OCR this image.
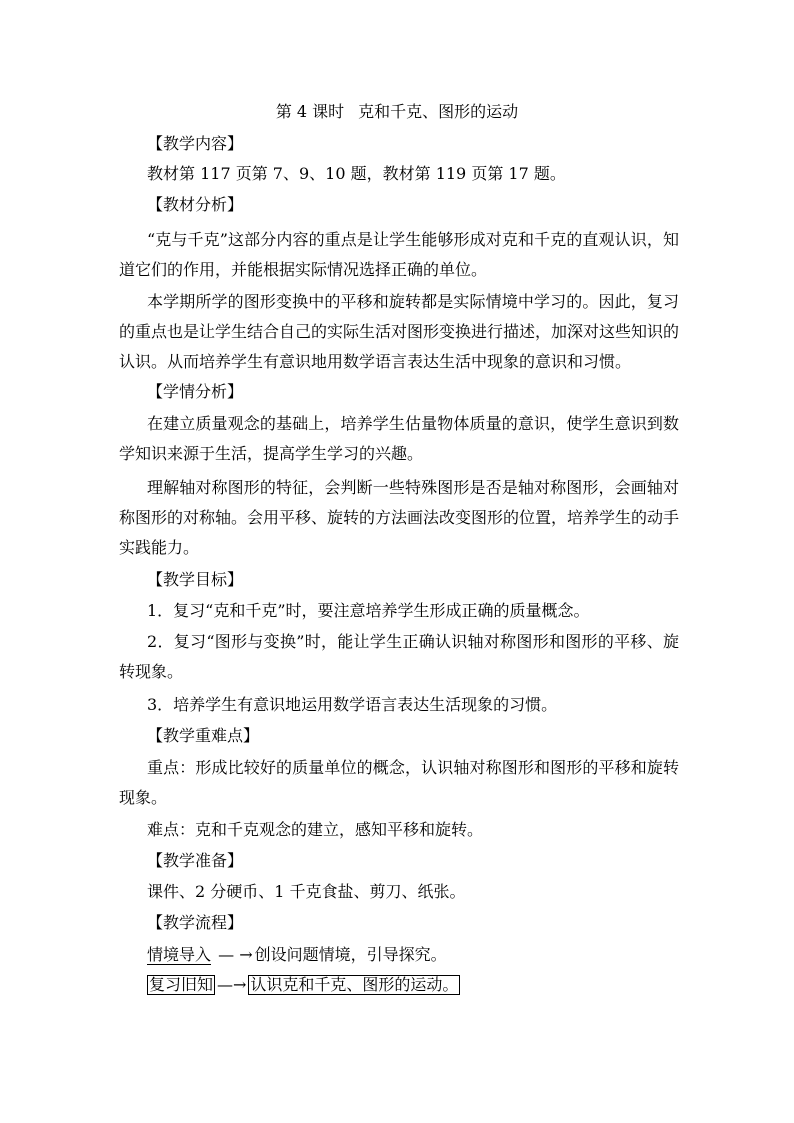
第 4 课时 克和千克、图形的运动
【教学内容】
教材第 117 页第 7、9、10 题，教材第 119 页第 17 题。
【教材分析】
“克与千克”这部分内容的重点是让学生能够形成对克和千克的直观认识，知道它们的作用，并能根据实际情况选择正确的单位。
本学期所学的图形变换中的平移和旋转都是实际情境中学习的。因此，复习的重点也是让学生结合自己的实际生活对图形变换进行描述，加深对这些知识的认识。从而培养学生有意识地用数学语言表达生活中现象的意识和习惯。
【学情分析】
在建立质量观念的基础上，培养学生估量物体质量的意识，使学生意识到数学知识来源于生活，提高学生学习的兴趣。
理解轴对称图形的特征，会判断一些特殊图形是否是轴对称图形，会画轴对称图形的对称轴。会用平移、旋转的方法画法改变图形的位置，培养学生的动手实践能力。
【教学目标】
1．复习“克和千克”时，要注意培养学生形成正确的质量概念。
2．复习“图形与变换”时，能让学生正确认识轴对称图形和图形的平移、旋转现象。
3．培养学生有意识地运用数学语言表达生活现象的习惯。
【教学重难点】
重点：形成比较好的质量单位的概念，认识轴对称图形和图形的平移和旋转现象。
难点：克和千克观念的建立，感知平移和旋转。
【教学准备】
课件、2 分硬币、1 千克食盐、剪刀、纸张。
【教学流程】
情境导入 — → 创设问题情境，引导探究。
复习旧知 —→ 认识克和千克、图形的运动。
